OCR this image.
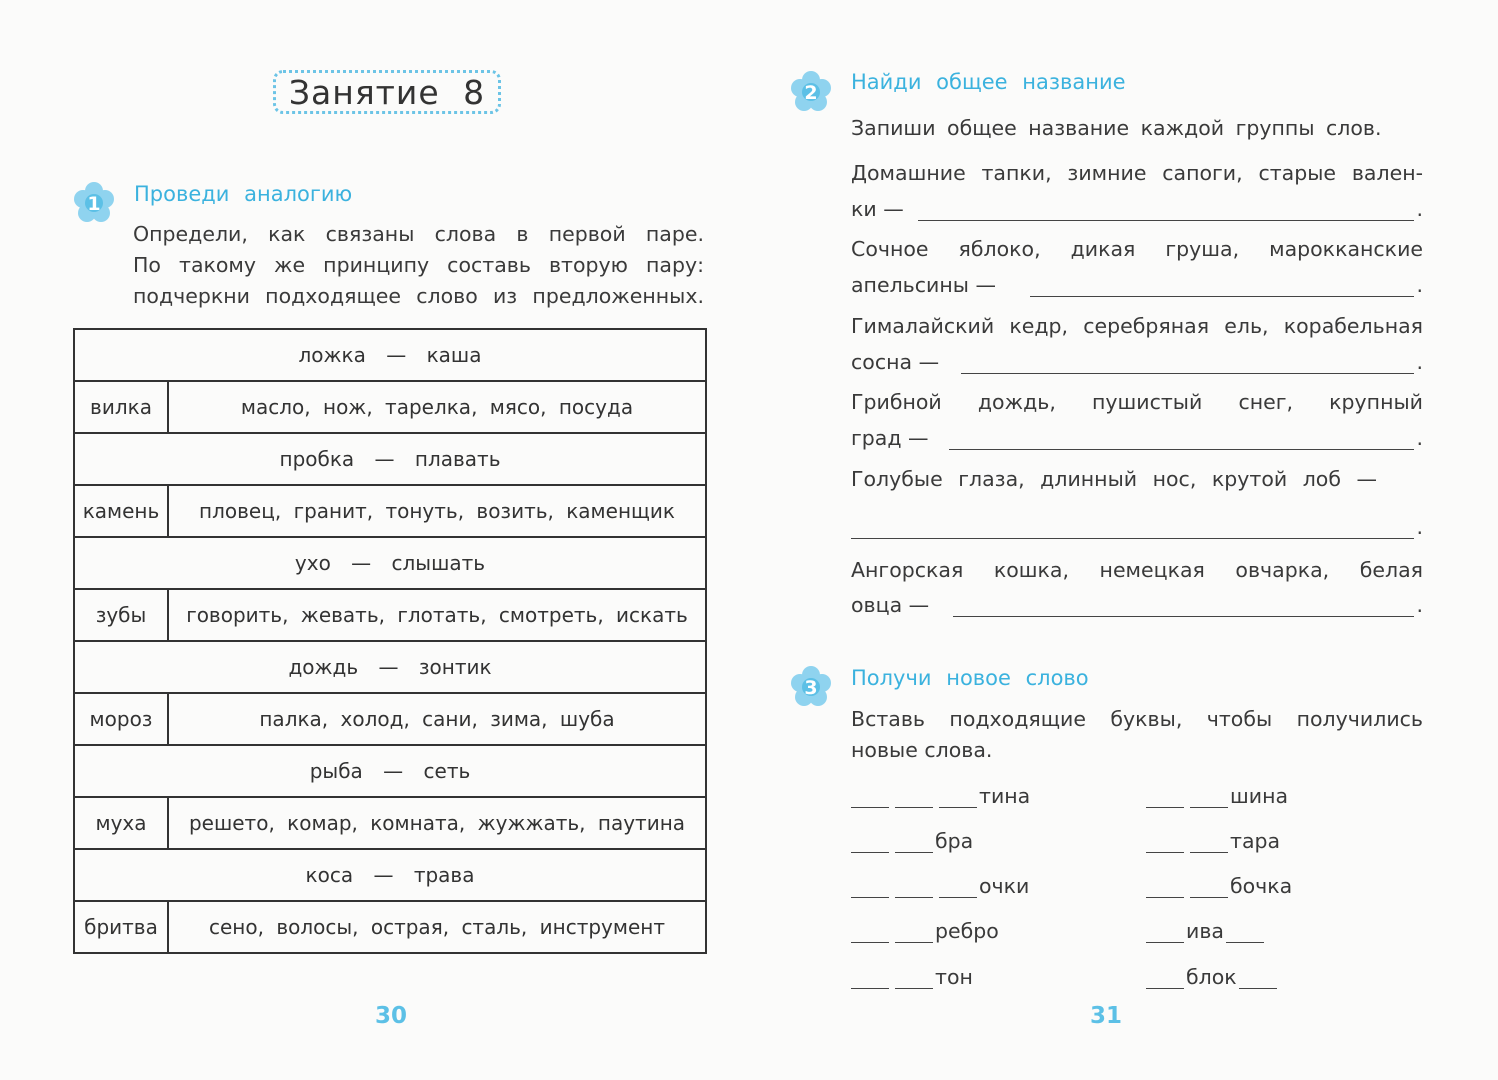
Занятие 8
1 Проведи аналогию
Определи, как связаны слова в первой паре.
По такому же принципу составь вторую пару:
подчеркни подходящее слово из предложенных.
ложка — каша
вилка	масло, нож, тарелка, мясо, посуда
пробка — плавать
камень	пловец, гранит, тонуть, возить, каменщик
ухо — слышать
зубы	говорить, жевать, глотать, смотреть, искать
дождь — зонтик
мороз	палка, холод, сани, зима, шуба
рыба — сеть
муха	решето, комар, комната, жужжать, паутина
коса — трава
бритва	сено, волосы, острая, сталь, инструмент
30
2 Найди общее название
Запиши общее название каждой группы слов.
Домашние тапки, зимние сапоги, старые вален-
ки —	.
Сочное яблоко, дикая груша, марокканские
апельсины —	.
Гималайский кедр, серебряная ель, корабельная
сосна —	.
Грибной дождь, пушистый снег, крупный
град —	.
Голубые глаза, длинный нос, крутой лоб —
.
Ангорская кошка, немецкая овчарка, белая
овца —	.
3 Получи новое слово
Вставь подходящие буквы, чтобы получились
новые слова.
тина
бра
очки
ребро
тон
шина
тара
бочка
ива
блок
31
